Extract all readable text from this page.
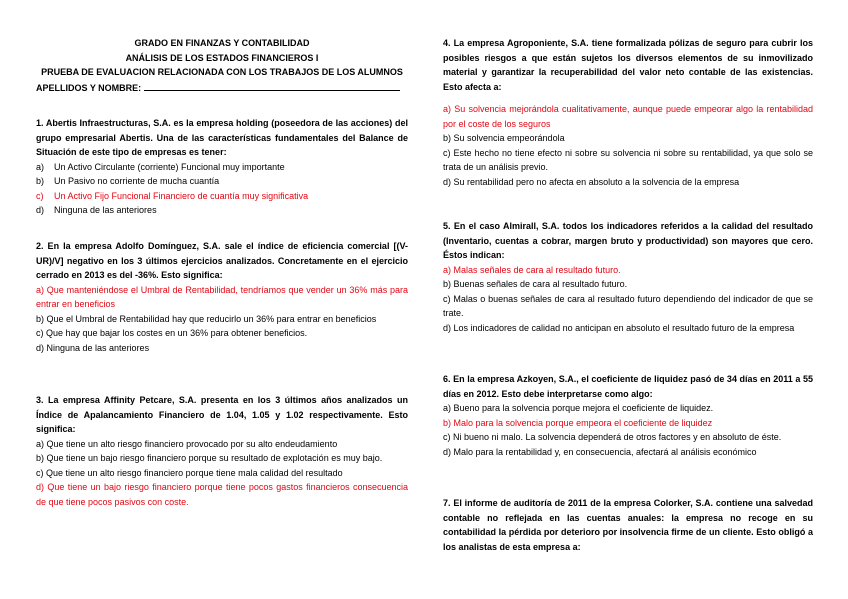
GRADO EN FINANZAS Y CONTABILIDAD
ANÁLISIS DE LOS ESTADOS FINANCIEROS I
PRUEBA DE EVALUACION RELACIONADA CON LOS TRABAJOS DE LOS ALUMNOS
APELLIDOS Y NOMBRE:
1. Abertis Infraestructuras, S.A. es la empresa holding (poseedora de las acciones) del grupo empresarial Abertis. Una de las características fundamentales del Balance de Situación de este tipo de empresas es tener:
a)	Un Activo Circulante (corriente) Funcional muy importante
b)	Un Pasivo no corriente de mucha cuantía
c)	Un Activo Fijo Funcional Financiero de cuantía muy significativa
d)	Ninguna de las anteriores
2. En la empresa Adolfo Domínguez, S.A. sale el índice de eficiencia comercial [(V-UR)/V] negativo en los 3 últimos ejercicios analizados. Concretamente en el ejercicio cerrado en 2013 es del -36%. Esto significa:
a) Que manteniéndose el Umbral de Rentabilidad, tendríamos que vender un 36% más para entrar en beneficios
b) Que el Umbral de Rentabilidad hay que reducirlo un 36% para entrar en beneficios
c) Que hay que bajar los costes en un 36% para obtener beneficios.
d) Ninguna de las anteriores
3. La empresa Affinity Petcare, S.A. presenta en los 3 últimos años analizados un Índice de Apalancamiento Financiero de 1.04, 1.05 y 1.02 respectivamente. Esto significa:
a) Que tiene un alto riesgo financiero provocado por su alto endeudamiento
b) Que tiene un bajo riesgo financiero porque su resultado de explotación es muy bajo.
c) Que tiene un alto riesgo financiero porque tiene mala calidad del resultado
d) Que tiene un bajo riesgo financiero porque tiene pocos gastos financieros consecuencia de que tiene pocos pasivos con coste.
4. La empresa Agroponiente, S.A. tiene formalizada pólizas de seguro para cubrir los posibles riesgos a que están sujetos los diversos elementos de su inmovilizado material y garantizar la recuperabilidad del valor neto contable de las existencias. Esto afecta a:
a) Su solvencia mejorándola cualitativamente, aunque puede empeorar algo la rentabilidad por el coste de los seguros
b) Su solvencia empeorándola
c) Este hecho no tiene efecto ni sobre su solvencia ni sobre su rentabilidad, ya que solo se trata de un análisis previo.
d) Su rentabilidad pero no afecta en absoluto a la solvencia de la empresa
5. En el caso Almirall, S.A. todos los indicadores referidos a la calidad del resultado (Inventario, cuentas a cobrar, margen bruto y productividad) son mayores que cero. Éstos indican:
a) Malas señales de cara al resultado futuro.
b) Buenas señales de cara al resultado futuro.
c) Malas o buenas señales de cara al resultado futuro dependiendo del indicador de que se trate.
d) Los indicadores de calidad no anticipan en absoluto el resultado futuro de la empresa
6. En la empresa Azkoyen, S.A., el coeficiente de liquidez pasó de 34 días en 2011 a 55 días en 2012. Esto debe interpretarse como algo:
a) Bueno para la solvencia porque mejora el coeficiente de liquidez.
b) Malo para la solvencia porque empeora el coeficiente de liquidez
c) Ni bueno ni malo. La solvencia dependerá de otros factores y en absoluto de éste.
d) Malo para la rentabilidad y, en consecuencia, afectará al análisis económico
7. El informe de auditoría de 2011 de la empresa Colorker, S.A. contiene una salvedad contable no reflejada en las cuentas anuales: la empresa no recoge en su contabilidad la pérdida por deterioro por insolvencia firme de un cliente. Esto obligó a los analistas de esta empresa a:
